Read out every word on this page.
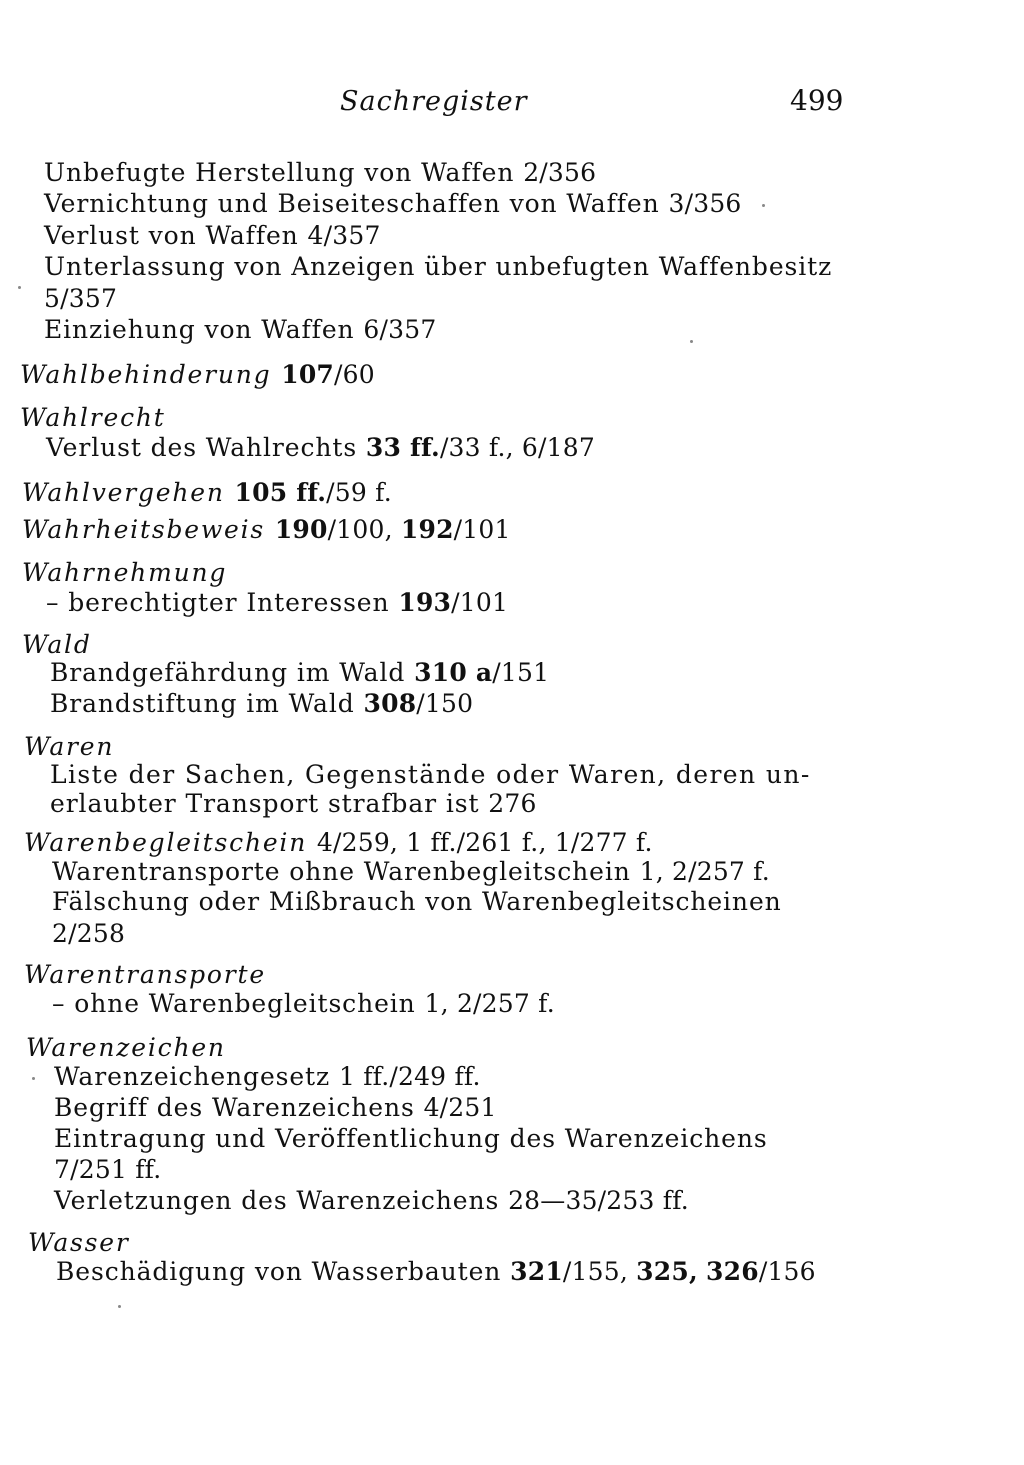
Sachregister	499
Unbefugte Herstellung von Waffen 2/356
Vernichtung und Beiseiteschaffen von Waffen 3/356
Verlust von Waffen 4/357
Unterlassung von Anzeigen über unbefugten Waffenbesitz
5/357
Einziehung von Waffen 6/357
Wahlbehinderung 107/60
Wahlrecht
Verlust des Wahlrechts 33 ff./33 f., 6/187
Wahlvergehen 105 ff./59 f.
Wahrheitsbeweis 190/100, 192/101
Wahrnehmung
– berechtigter Interessen 193/101
Wald
Brandgefährdung im Wald 310 a/151
Brandstiftung im Wald 308/150
Waren
Liste der Sachen, Gegenstände oder Waren, deren un-
erlaubter Transport strafbar ist 276
Warenbegleitschein 4/259, 1 ff./261 f., 1/277 f.
Warentransporte ohne Warenbegleitschein 1, 2/257 f.
Fälschung oder Mißbrauch von Warenbegleitscheinen
2/258
Warentransporte
– ohne Warenbegleitschein 1, 2/257 f.
Warenzeichen
Warenzeichengesetz 1 ff./249 ff.
Begriff des Warenzeichens 4/251
Eintragung und Veröffentlichung des Warenzeichens
7/251 ff.
Verletzungen des Warenzeichens 28—35/253 ff.
Wasser
Beschädigung von Wasserbauten 321/155, 325, 326/156
